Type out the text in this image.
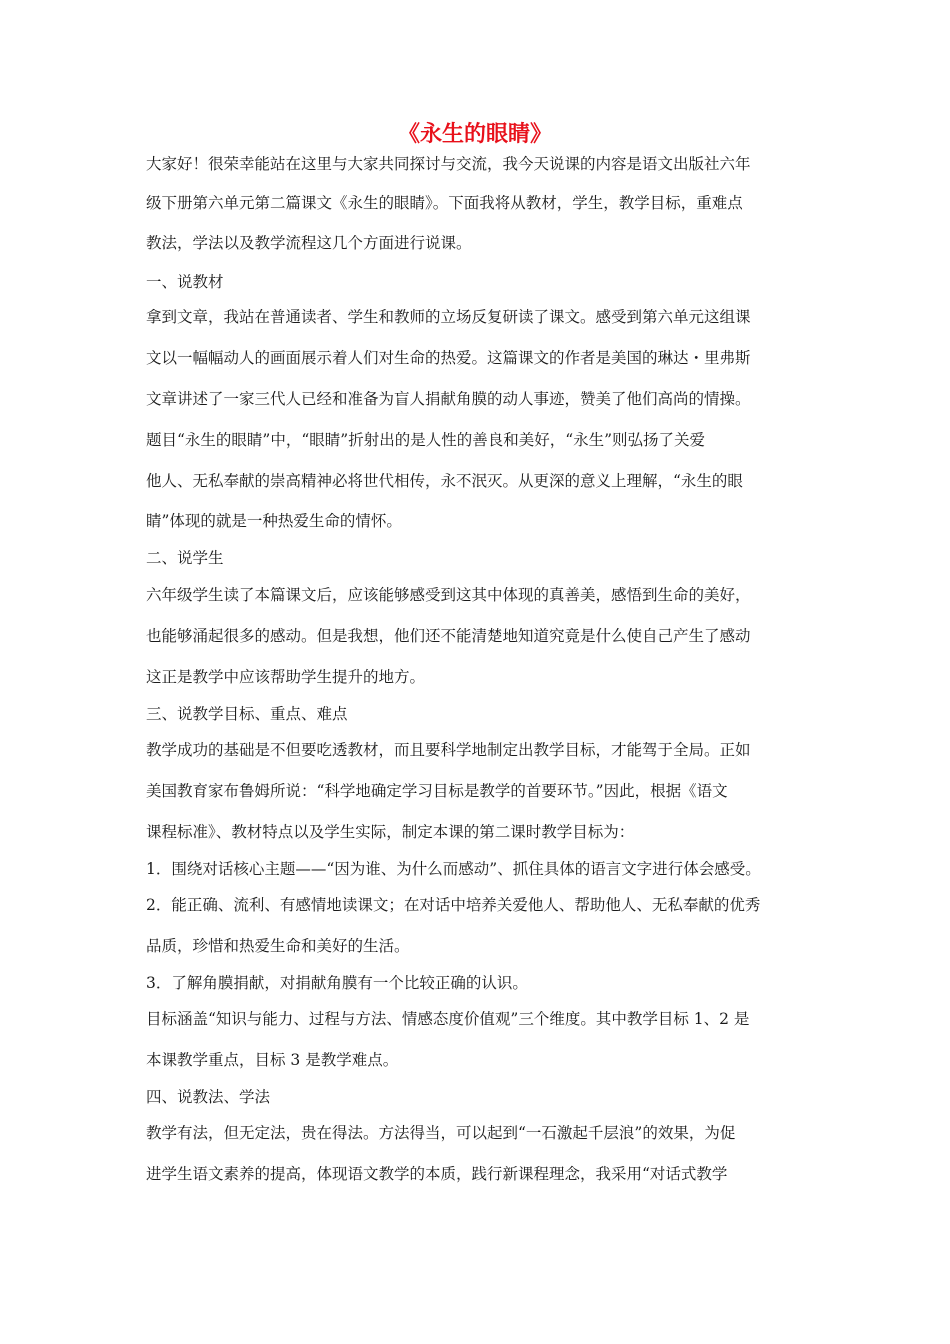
《永生的眼睛》
大家好！很荣幸能站在这里与大家共同探讨与交流，我今天说课的内容是语文出版社六年
级下册第六单元第二篇课文《永生的眼睛》。下面我将从教材，学生，教学目标，重难点
教法，学法以及教学流程这几个方面进行说课。
一、说教材
拿到文章，我站在普通读者、学生和教师的立场反复研读了课文。感受到第六单元这组课
文以一幅幅动人的画面展示着人们对生命的热爱。这篇课文的作者是美国的琳达・里弗斯
文章讲述了一家三代人已经和准备为盲人捐献角膜的动人事迹，赞美了他们高尚的情操。
题目“永生的眼睛”中，“眼睛”折射出的是人性的善良和美好，“永生”则弘扬了关爱
他人、无私奉献的崇高精神必将世代相传，永不泯灭。从更深的意义上理解，“永生的眼
睛”体现的就是一种热爱生命的情怀。
二、说学生
六年级学生读了本篇课文后，应该能够感受到这其中体现的真善美，感悟到生命的美好，
也能够涌起很多的感动。但是我想，他们还不能清楚地知道究竟是什么使自己产生了感动
这正是教学中应该帮助学生提升的地方。
三、说教学目标、重点、难点
教学成功的基础是不但要吃透教材，而且要科学地制定出教学目标，才能驾于全局。正如
美国教育家布鲁姆所说：“科学地确定学习目标是教学的首要环节。”因此，根据《语文
课程标准》、教材特点以及学生实际，制定本课的第二课时教学目标为：
1．围绕对话核心主题——“因为谁、为什么而感动”、抓住具体的语言文字进行体会感受。
2．能正确、流利、有感情地读课文；在对话中培养关爱他人、帮助他人、无私奉献的优秀
品质，珍惜和热爱生命和美好的生活。
3．了解角膜捐献，对捐献角膜有一个比较正确的认识。
目标涵盖“知识与能力、过程与方法、情感态度价值观”三个维度。其中教学目标 1、2 是
本课教学重点，目标 3 是教学难点。
四、说教法、学法
教学有法，但无定法，贵在得法。方法得当，可以起到“一石激起千层浪”的效果，为促
进学生语文素养的提高，体现语文教学的本质，践行新课程理念，我采用“对话式教学
